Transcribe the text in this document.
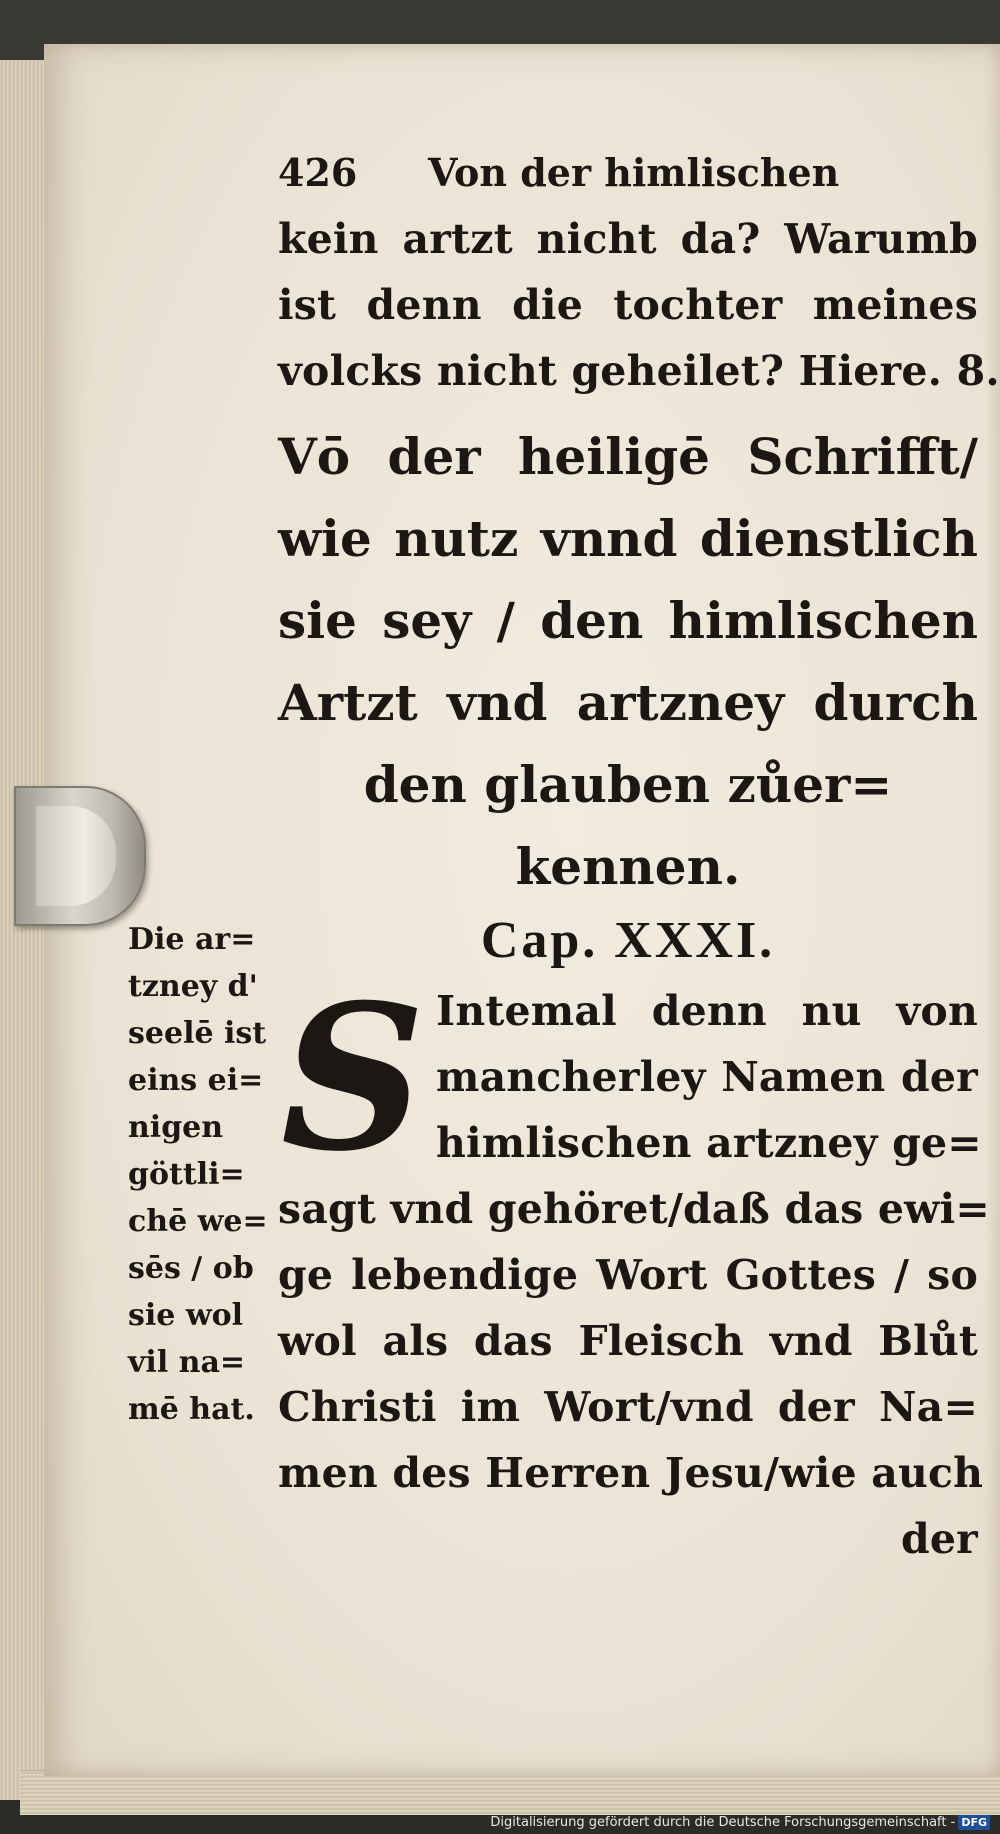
426	Von der himlischen
kein artzt nicht da? Warumb
ist denn die tochter meines
volcks nicht geheilet? Hiere. 8.
Vō der heiligē Schrifft/
wie nutz vnnd dienstlich
sie sey / den himlischen
Artzt vnd artzney durch
den glauben zůer=
kennen.
Cap. XXXI.
S Intemal denn nu von
mancherley Namen der
himlischen artzney ge=
sagt vnd gehöret/daß das ewi=
ge lebendige Wort Gottes / so
wol als das Fleisch vnd Blůt
Christi im Wort/vnd der Na=
men des Herren Jesu/wie auch
der
Die ar=
tzney d'
seelē ist
eins ei=
nigen
göttli=
chē we=
sēs / ob
sie wol
vil na=
mē hat.
Digitalisierung gefördert durch die Deutsche Forschungsgemeinschaft - DFG
